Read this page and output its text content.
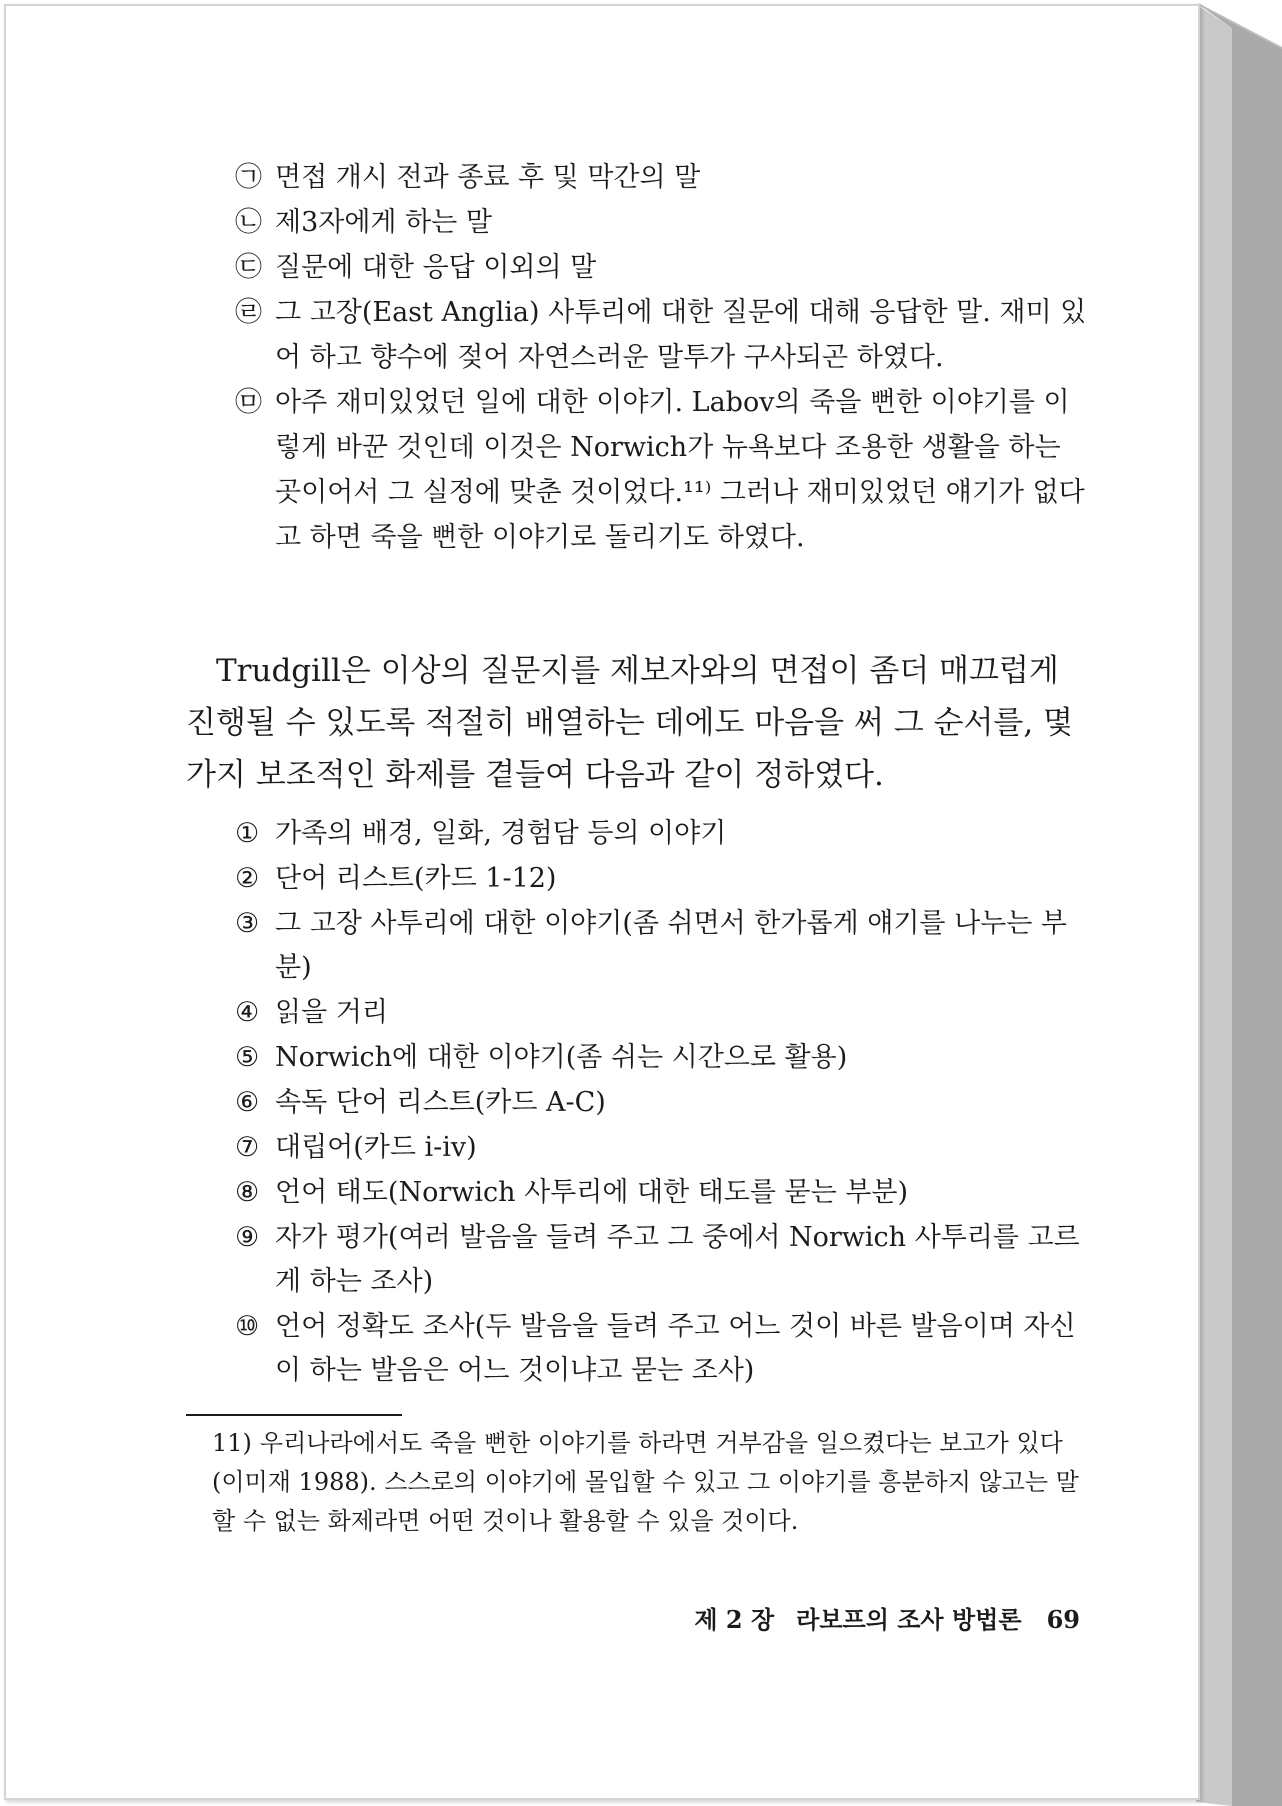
㉠ 면접 개시 전과 종료 후 및 막간의 말
㉡ 제3자에게 하는 말
㉢ 질문에 대한 응답 이외의 말
㉣ 그 고장(East Anglia) 사투리에 대한 질문에 대해 응답한 말. 재미 있어 하고 향수에 젖어 자연스러운 말투가 구사되곤 하였다.
㉤ 아주 재미있었던 일에 대한 이야기. Labov의 죽을 뻔한 이야기를 이렇게 바꾼 것인데 이것은 Norwich가 뉴욕보다 조용한 생활을 하는 곳이어서 그 실정에 맞춘 것이었다.¹¹⁾ 그러나 재미있었던 얘기가 없다고 하면 죽을 뻔한 이야기로 돌리기도 하였다.

Trudgill은 이상의 질문지를 제보자와의 면접이 좀더 매끄럽게 진행될 수 있도록 적절히 배열하는 데에도 마음을 써 그 순서를, 몇 가지 보조적인 화제를 곁들여 다음과 같이 정하였다.

① 가족의 배경, 일화, 경험담 등의 이야기
② 단어 리스트(카드 1-12)
③ 그 고장 사투리에 대한 이야기(좀 쉬면서 한가롭게 얘기를 나누는 부분)
④ 읽을 거리
⑤ Norwich에 대한 이야기(좀 쉬는 시간으로 활용)
⑥ 속독 단어 리스트(카드 A-C)
⑦ 대립어(카드 i-iv)
⑧ 언어 태도(Norwich 사투리에 대한 태도를 묻는 부분)
⑨ 자가 평가(여러 발음을 들려 주고 그 중에서 Norwich 사투리를 고르게 하는 조사)
⑩ 언어 정확도 조사(두 발음을 들려 주고 어느 것이 바른 발음이며 자신이 하는 발음은 어느 것이냐고 묻는 조사)
11) 우리나라에서도 죽을 뻔한 이야기를 하라면 거부감을 일으켰다는 보고가 있다(이미재 1988). 스스로의 이야기에 몰입할 수 있고 그 이야기를 흥분하지 않고는 말할 수 없는 화제라면 어떤 것이나 활용할 수 있을 것이다.
제 2 장 라보프의 조사 방법론 69
